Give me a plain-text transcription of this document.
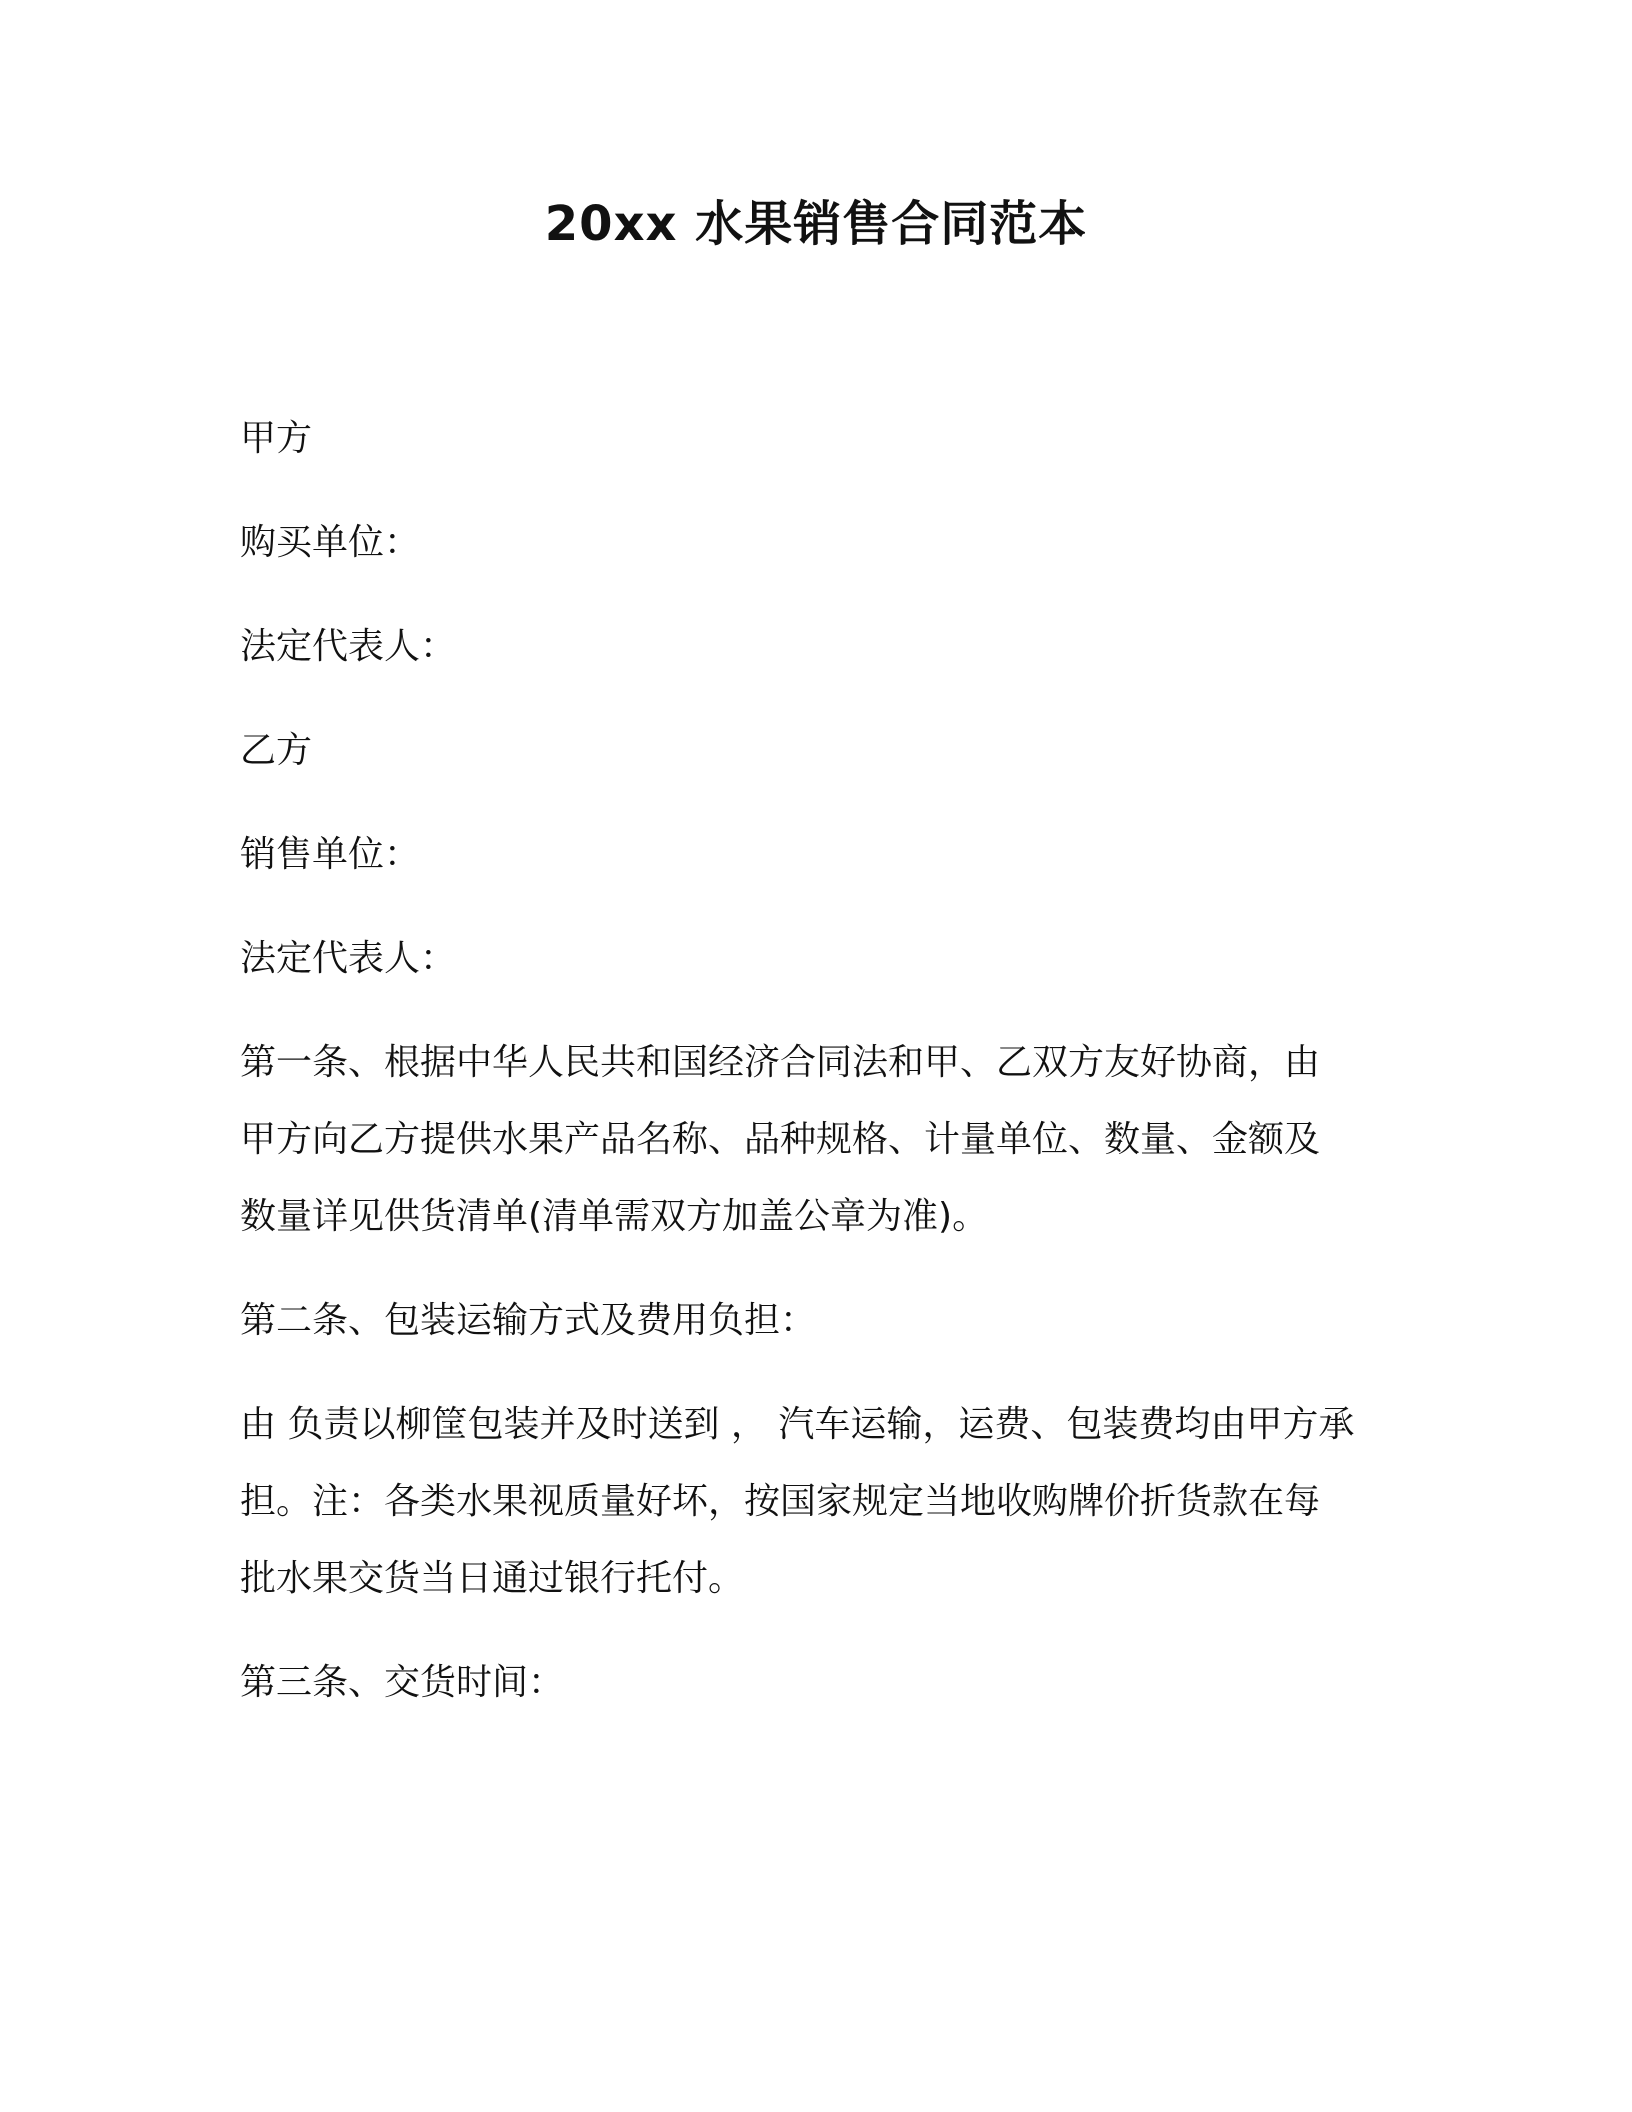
20xx 水果销售合同范本
甲方
购买单位：
法定代表人：
乙方
销售单位：
法定代表人：
第一条、根据中华人民共和国经济合同法和甲、乙双方友好协商，由
甲方向乙方提供水果产品名称、品种规格、计量单位、数量、金额及
数量详见供货清单(清单需双方加盖公章为准)。
第二条、包装运输方式及费用负担：
由 负责以柳筐包装并及时送到 ， 汽车运输，运费、包装费均由甲方承
担。注：各类水果视质量好坏，按国家规定当地收购牌价折货款在每
批水果交货当日通过银行托付。
第三条、交货时间：
